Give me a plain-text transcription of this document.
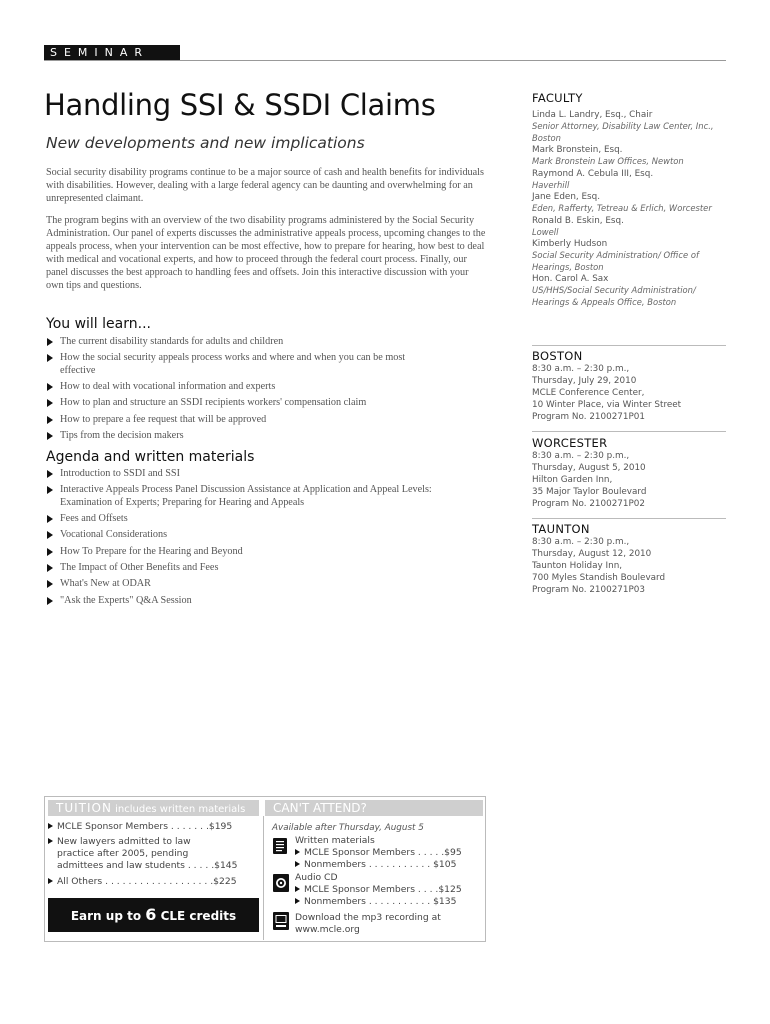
SEMINAR
Handling SSI & SSDI Claims
New developments and new implications
Social security disability programs continue to be a major source of cash and health benefits for individuals with disabilities. However, dealing with a large federal agency can be daunting and overwhelming for an unrepresented claimant.
The program begins with an overview of the two disability programs administered by the Social Security Administration. Our panel of experts discusses the administrative appeals process, upcoming changes to the appeals process, when your intervention can be most effective, how to prepare for hearing, how best to deal with medical and vocational experts, and how to proceed through the federal court process. Finally, our panel discusses the best approach to handling fees and offsets. Join this interactive discussion with your own tips and questions.
You will learn...
The current disability standards for adults and children
How the social security appeals process works and where and when you can be most effective
How to deal with vocational information and experts
How to plan and structure an SSDI recipients workers' compensation claim
How to prepare a fee request that will be approved
Tips from the decision makers
Agenda and written materials
Introduction to SSDI and SSI
Interactive Appeals Process Panel Discussion Assistance at Application and Appeal Levels: Examination of Experts; Preparing for Hearing and Appeals
Fees and Offsets
Vocational Considerations
How To Prepare for the Hearing and Beyond
The Impact of Other Benefits and Fees
What's New at ODAR
"Ask the Experts" Q&A Session
FACULTY
Linda L. Landry, Esq., Chair
Senior Attorney, Disability Law Center, Inc., Boston
Mark Bronstein, Esq.
Mark Bronstein Law Offices, Newton
Raymond A. Cebula III, Esq.
Haverhill
Jane Eden, Esq.
Eden, Rafferty, Tetreau & Erlich, Worcester
Ronald B. Eskin, Esq.
Lowell
Kimberly Hudson
Social Security Administration/ Office of Hearings, Boston
Hon. Carol A. Sax
US/HHS/Social Security Administration/ Hearings & Appeals Office, Boston
BOSTON
8:30 a.m. – 2:30 p.m.,
Thursday, July 29, 2010
MCLE Conference Center,
10 Winter Place, via Winter Street
Program No. 2100271P01
WORCESTER
8:30 a.m. – 2:30 p.m.,
Thursday, August 5, 2010
Hilton Garden Inn,
35 Major Taylor Boulevard
Program No. 2100271P02
TAUNTON
8:30 a.m. – 2:30 p.m.,
Thursday, August 12, 2010
Taunton Holiday Inn,
700 Myles Standish Boulevard
Program No. 2100271P03
TUITION includes written materials	CAN'T ATTEND?
MCLE Sponsor Members . . . . . . .$195
New lawyers admitted to law
practice after 2005, pending
admittees and law students . . . . .$145
All Others . . . . . . . . . . . . . . . . . . .$225
Earn up to 6 CLE credits
Available after Thursday, August 5
Written materials
MCLE Sponsor Members . . . . .$95
Nonmembers . . . . . . . . . . . $105
Audio CD
MCLE Sponsor Members . . . .$125
Nonmembers . . . . . . . . . . . $135
Download the mp3 recording at
www.mcle.org
